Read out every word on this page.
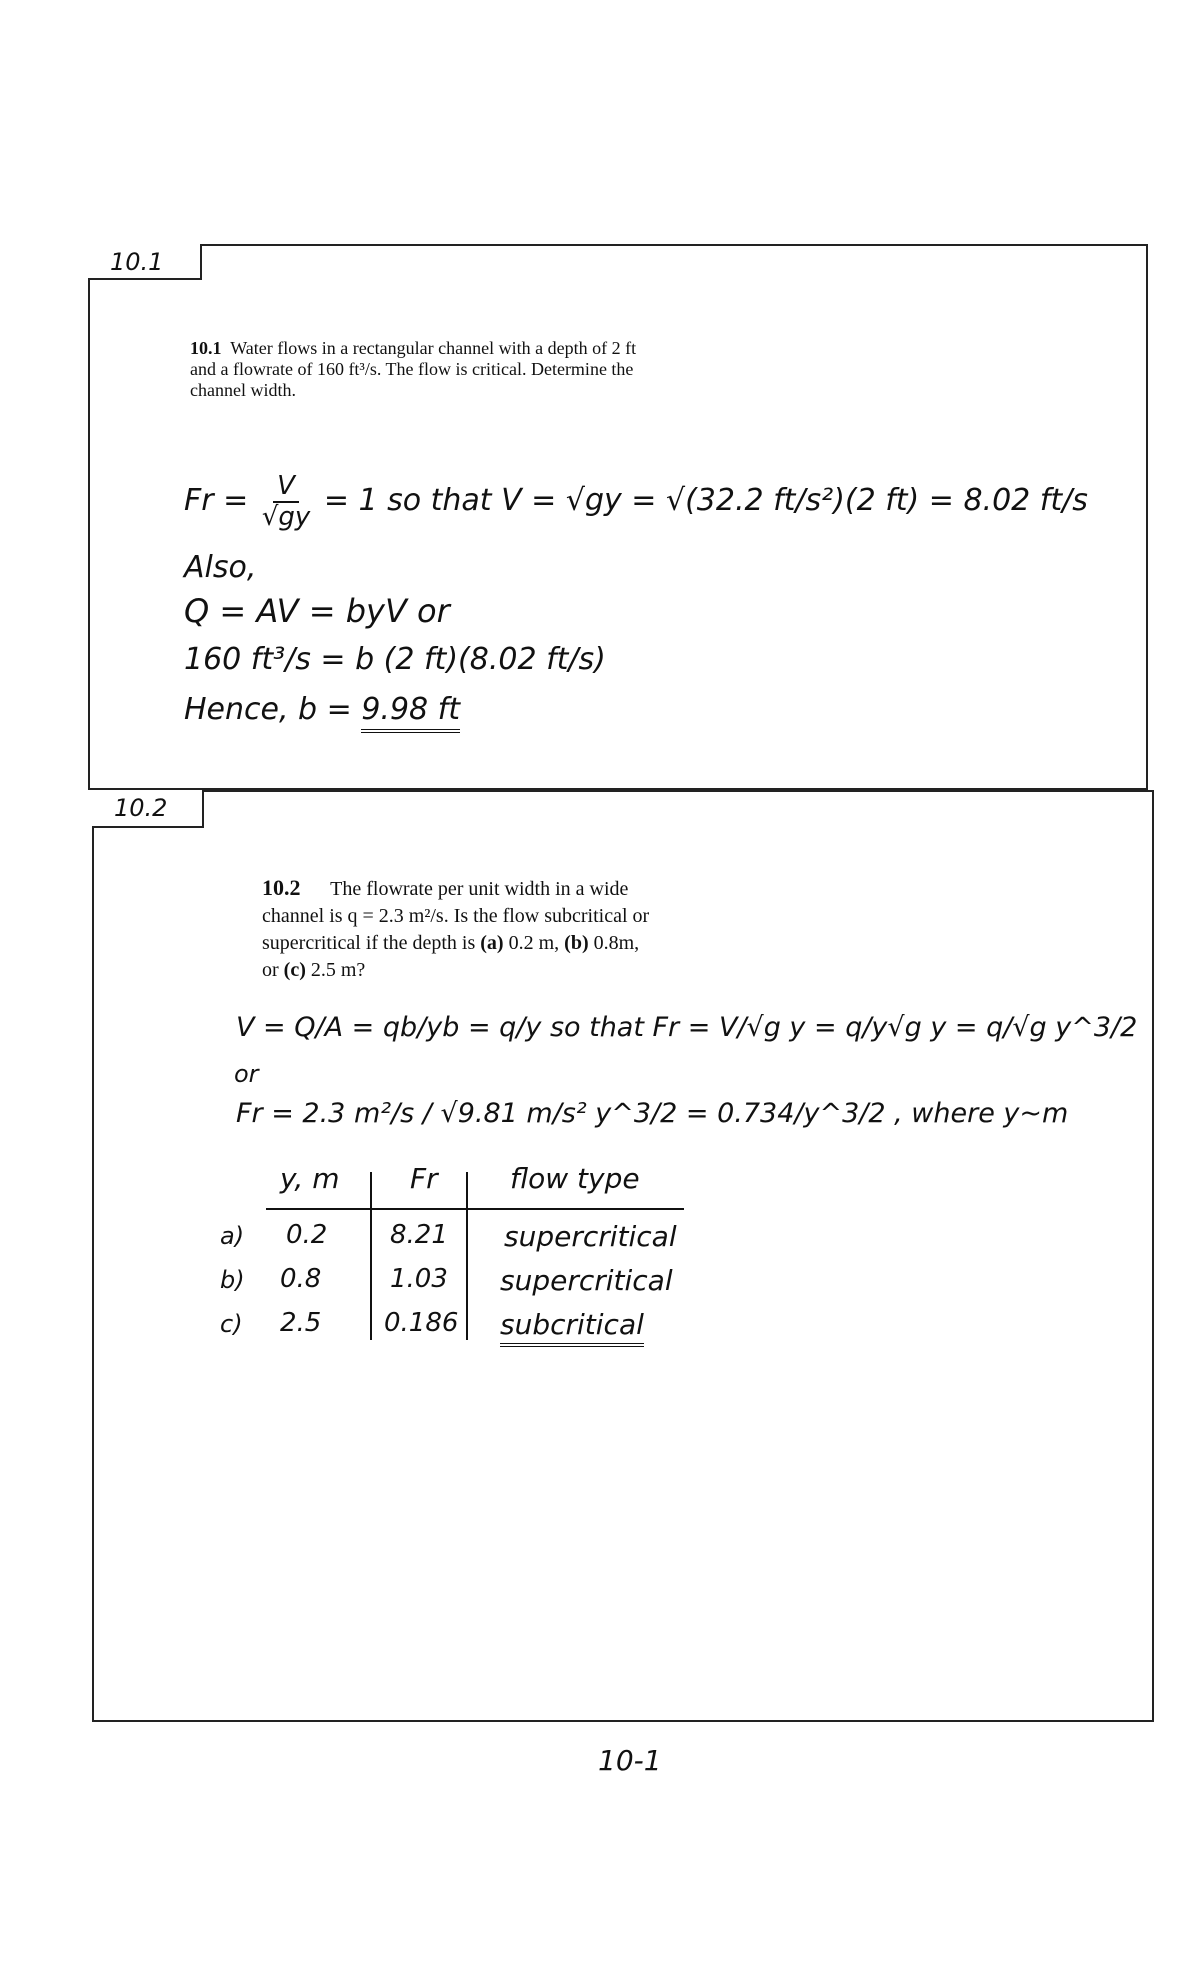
10.1
10.1 Water flows in a rectangular channel with a depth of 2 ft
and a flowrate of 160 ft³/s. The flow is critical. Determine the
channel width.
$Fr = \frac{V}{√gy} = 1$ so that V = √gy = √(32.2 ft/s²)(2 ft) = 8.02 ft/s
Also,
Q = AV = byV or
160 ft³/s = b (2 ft)(8.02 ft/s)
Hence, b = 9.98 ft
10.2
10.2 The flowrate per unit width in a wide
channel is q = 2.3 m²/s. Is the flow subcritical or
supercritical if the depth is (a) 0.2 m, (b) 0.8m,
or (c) 2.5 m?
V = Q/A = qb/yb = q/y so that Fr = V/√g y = q/y√g y = q/√g y^3/2
or
Fr = 2.3 m²/s / √9.81 m/s² y^3/2 = 0.734/y^3/2 , where y~m
y, m	Fr	flow type
a) 0.2 8.21 supercritical
b) 0.8	1.03 supercritical
c) 2.5 0.186 subcritical
10-1
